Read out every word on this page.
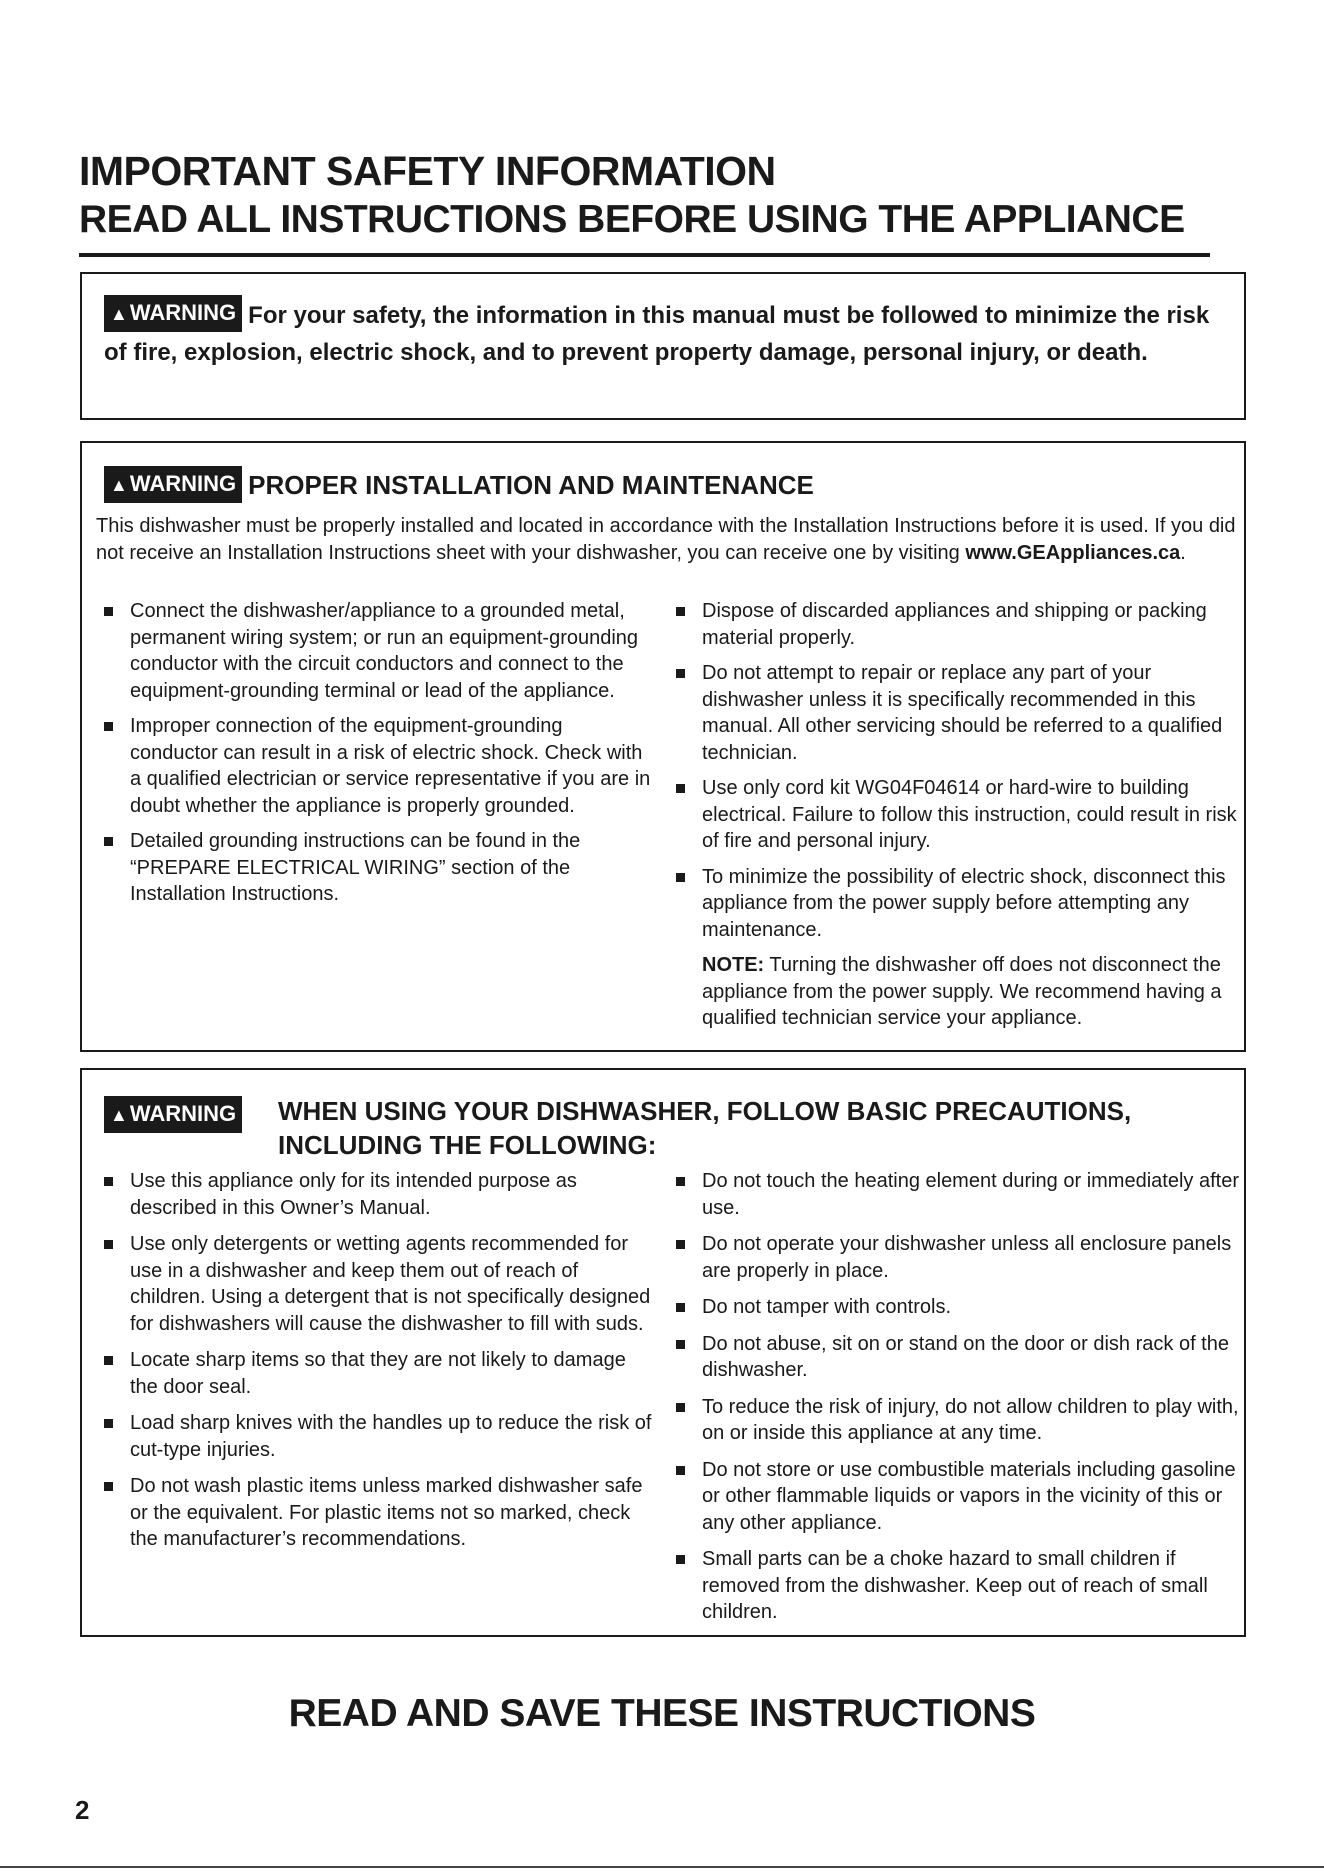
IMPORTANT SAFETY INFORMATION
READ ALL INSTRUCTIONS BEFORE USING THE APPLIANCE
▲WARNING For your safety, the information in this manual must be followed to minimize the risk of fire, explosion, electric shock, and to prevent property damage, personal injury, or death.
▲WARNING PROPER INSTALLATION AND MAINTENANCE

This dishwasher must be properly installed and located in accordance with the Installation Instructions before it is used. If you did not receive an Installation Instructions sheet with your dishwasher, you can receive one by visiting www.GEAppliances.ca.

Connect the dishwasher/appliance to a grounded metal, permanent wiring system; or run an equipment-grounding conductor with the circuit conductors and connect to the equipment-grounding terminal or lead of the appliance.
Improper connection of the equipment-grounding conductor can result in a risk of electric shock. Check with a qualified electrician or service representative if you are in doubt whether the appliance is properly grounded.
Detailed grounding instructions can be found in the “PREPARE ELECTRICAL WIRING” section of the Installation Instructions.
Dispose of discarded appliances and shipping or packing material properly.
Do not attempt to repair or replace any part of your dishwasher unless it is specifically recommended in this manual. All other servicing should be referred to a qualified technician.
Use only cord kit WG04F04614 or hard-wire to building electrical. Failure to follow this instruction, could result in risk of fire and personal injury.
To minimize the possibility of electric shock, disconnect this appliance from the power supply before attempting any maintenance.

NOTE: Turning the dishwasher off does not disconnect the appliance from the power supply. We recommend having a qualified technician service your appliance.

▲WARNING WHEN USING YOUR DISHWASHER, FOLLOW BASIC PRECAUTIONS, INCLUDING THE FOLLOWING:
Use this appliance only for its intended purpose as described in this Owner’s Manual.
Use only detergents or wetting agents recommended for use in a dishwasher and keep them out of reach of children. Using a detergent that is not specifically designed for dishwashers will cause the dishwasher to fill with suds.
Locate sharp items so that they are not likely to damage the door seal.
Load sharp knives with the handles up to reduce the risk of cut-type injuries.
Do not wash plastic items unless marked dishwasher safe or the equivalent. For plastic items not so marked, check the manufacturer’s recommendations.
Do not touch the heating element during or immediately after use.
Do not operate your dishwasher unless all enclosure panels are properly in place.
Do not tamper with controls.
Do not abuse, sit on or stand on the door or dish rack of the dishwasher.
To reduce the risk of injury, do not allow children to play with, on or inside this appliance at any time.
Do not store or use combustible materials including gasoline or other flammable liquids or vapors in the vicinity of this or any other appliance.
Small parts can be a choke hazard to small children if removed from the dishwasher. Keep out of reach of small children.
READ AND SAVE THESE INSTRUCTIONS
2
